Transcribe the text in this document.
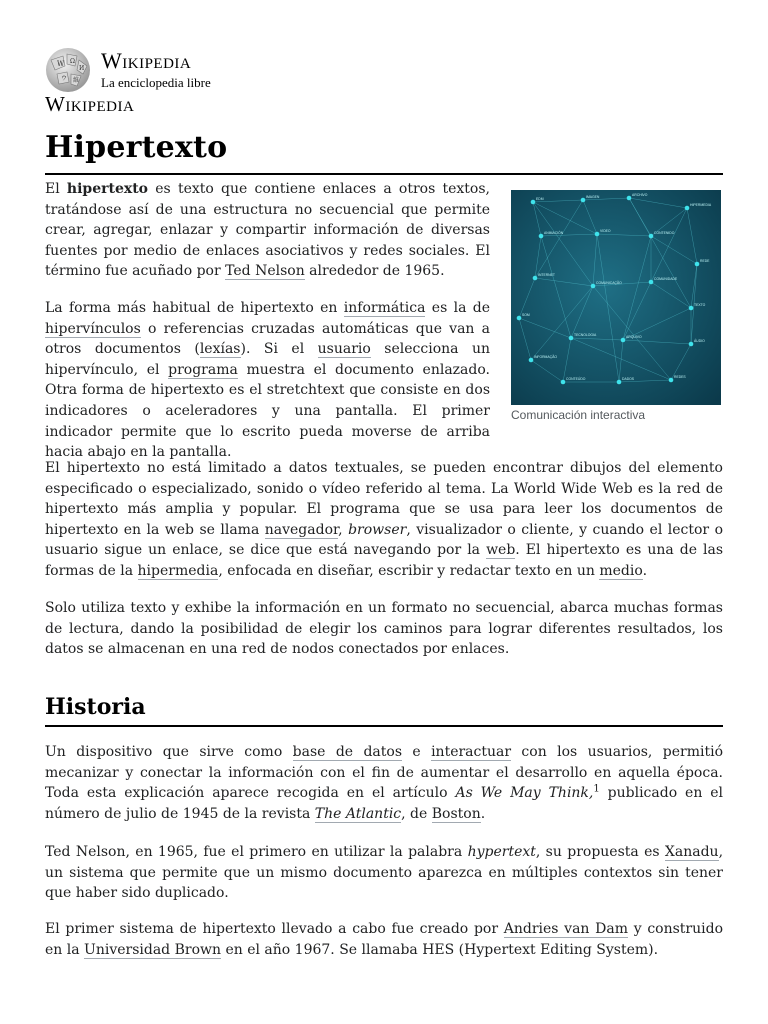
W Ω
И
ウ 維
Wikipedia
La enciclopedia libre
Wikipedia
Hipertexto

El hipertexto es texto que contiene enlaces a otros textos, tratándose así de una estructura no secuencial que permite crear, agregar, enlazar y compartir información de diversas fuentes por medio de enlaces asociativos y redes sociales. El término fue acuñado por Ted Nelson alrededor de 1965.

La forma más habitual de hipertexto en informática es la de hipervínculos o referencias cruzadas automáticas que van a otros documentos (lexías). Si el usuario selecciona un hipervínculo, el programa muestra el documento enlazado. Otra forma de hipertexto es el stretchtext que consiste en dos indicadores o aceleradores y una pantalla. El primer indicador permite que lo escrito pueda moverse de arriba hacia abajo en la pantalla.

EDM	IMAGEN	ARCHIVO
HIPERMEDIA
ANIMACIÓN	VIDEO	CONTENIDO
REDE
INTERNET
COMUNICAÇÃO
COMUNIDADE
TEXTO
SOM
TECNOLOGIA	ARQUIVO
ÁUDIO
INFORMAÇÃO
CONTEÚDO	DADOS	REDES
Comunicación interactiva

El hipertexto no está limitado a datos textuales, se pueden encontrar dibujos del elemento especificado o especializado, sonido o vídeo referido al tema. La World Wide Web es la red de hipertexto más amplia y popular. El programa que se usa para leer los documentos de hipertexto en la web se llama navegador, browser, visualizador o cliente, y cuando el lector o usuario sigue un enlace, se dice que está navegando por la web. El hipertexto es una de las formas de la hipermedia, enfocada en diseñar, escribir y redactar texto en un medio.

Solo utiliza texto y exhibe la información en un formato no secuencial, abarca muchas formas de lectura, dando la posibilidad de elegir los caminos para lograr diferentes resultados, los datos se almacenan en una red de nodos conectados por enlaces.

Historia

Un dispositivo que sirve como base de datos e interactuar con los usuarios, permitió mecanizar y conectar la información con el fin de aumentar el desarrollo en aquella época. Toda esta explicación aparece recogida en el artículo As We May Think,$^1$ publicado en el número de julio de 1945 de la revista The Atlantic, de Boston.

Ted Nelson, en 1965, fue el primero en utilizar la palabra hypertext, su propuesta es Xanadu, un sistema que permite que un mismo documento aparezca en múltiples contextos sin tener que haber sido duplicado.

El primer sistema de hipertexto llevado a cabo fue creado por Andries van Dam y construido en la Universidad Brown en el año 1967. Se llamaba HES (Hypertext Editing System).
